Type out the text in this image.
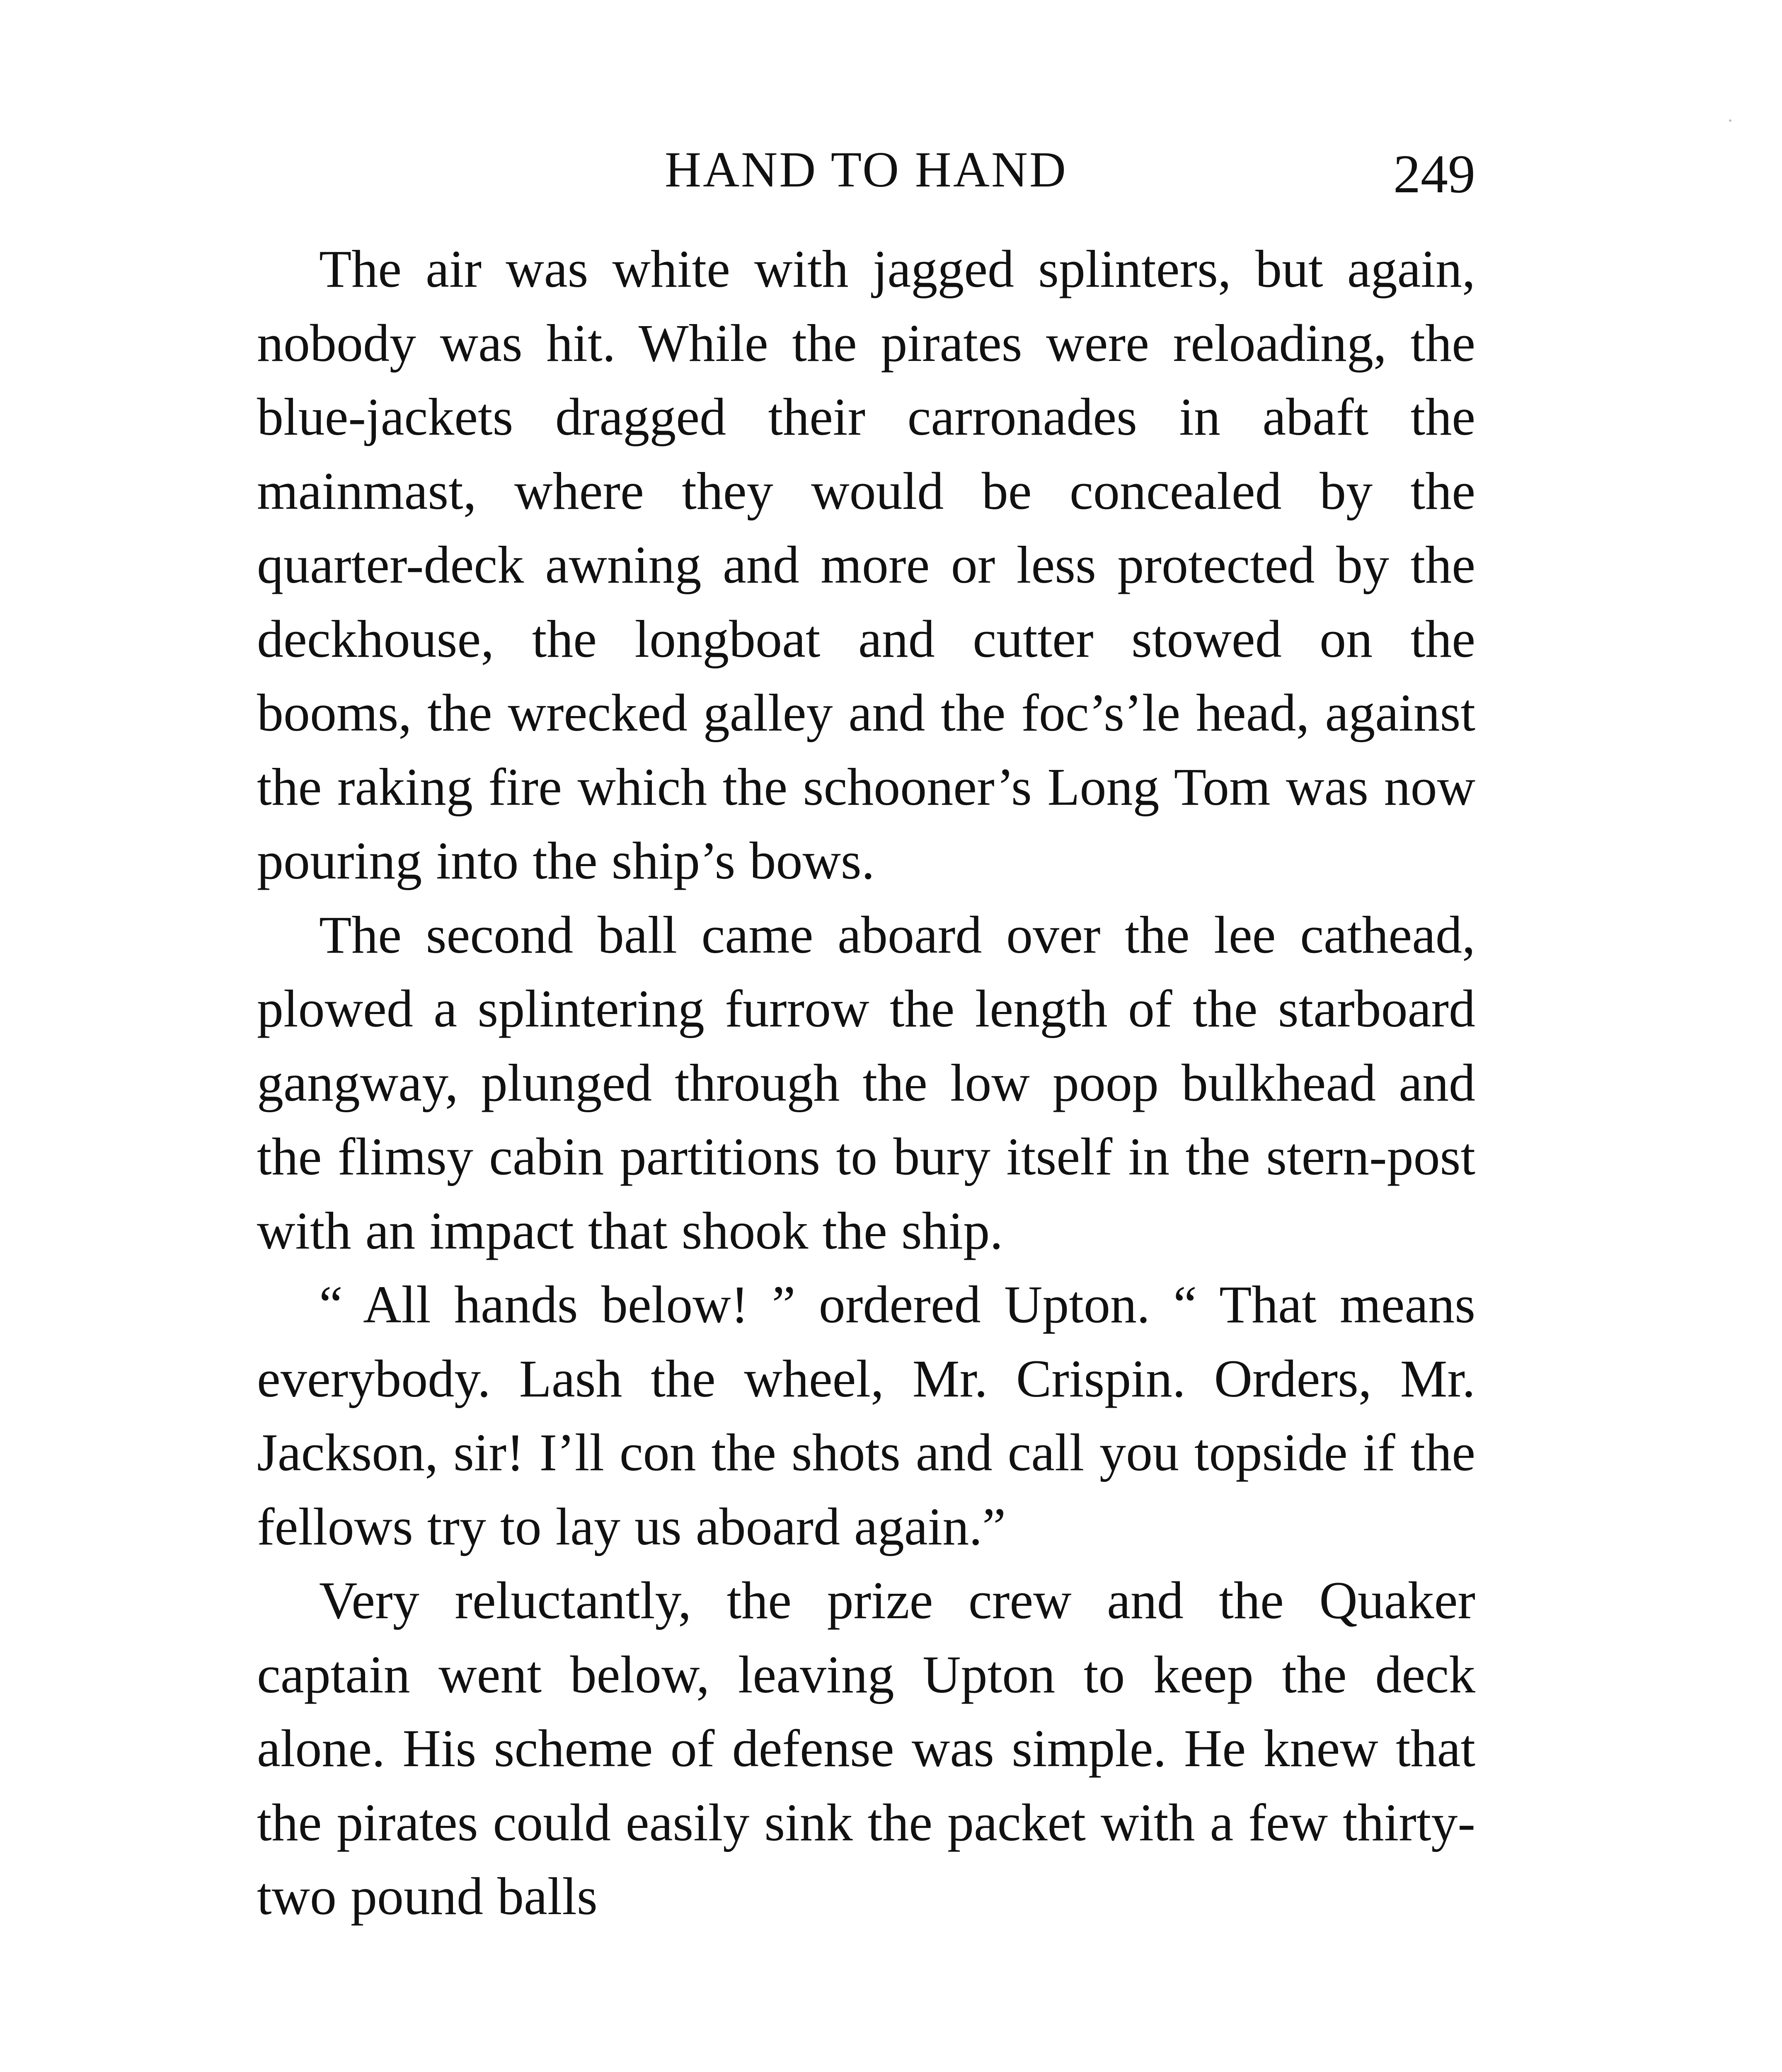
HAND TO HAND	249

The air was white with jagged splinters, but again, nobody was hit. While the pirates were reloading, the blue-jackets dragged their carronades in abaft the mainmast, where they would be concealed by the quarter-deck awning and more or less protected by the deckhouse, the longboat and cutter stowed on the booms, the wrecked galley and the foc’s’le head, against the raking fire which the schooner’s Long Tom was now pouring into the ship’s bows.

The second ball came aboard over the lee cathead, plowed a splintering furrow the length of the starboard gangway, plunged through the low poop bulkhead and the flimsy cabin partitions to bury itself in the stern-post with an impact that shook the ship.

“ All hands below! ” ordered Upton. “ That means everybody. Lash the wheel, Mr. Crispin. Orders, Mr. Jackson, sir! I’ll con the shots and call you topside if the fellows try to lay us aboard again.”

Very reluctantly, the prize crew and the Quaker captain went below, leaving Upton to keep the deck alone. His scheme of defense was simple. He knew that the pirates could easily sink the packet with a few thirty-two pound balls
